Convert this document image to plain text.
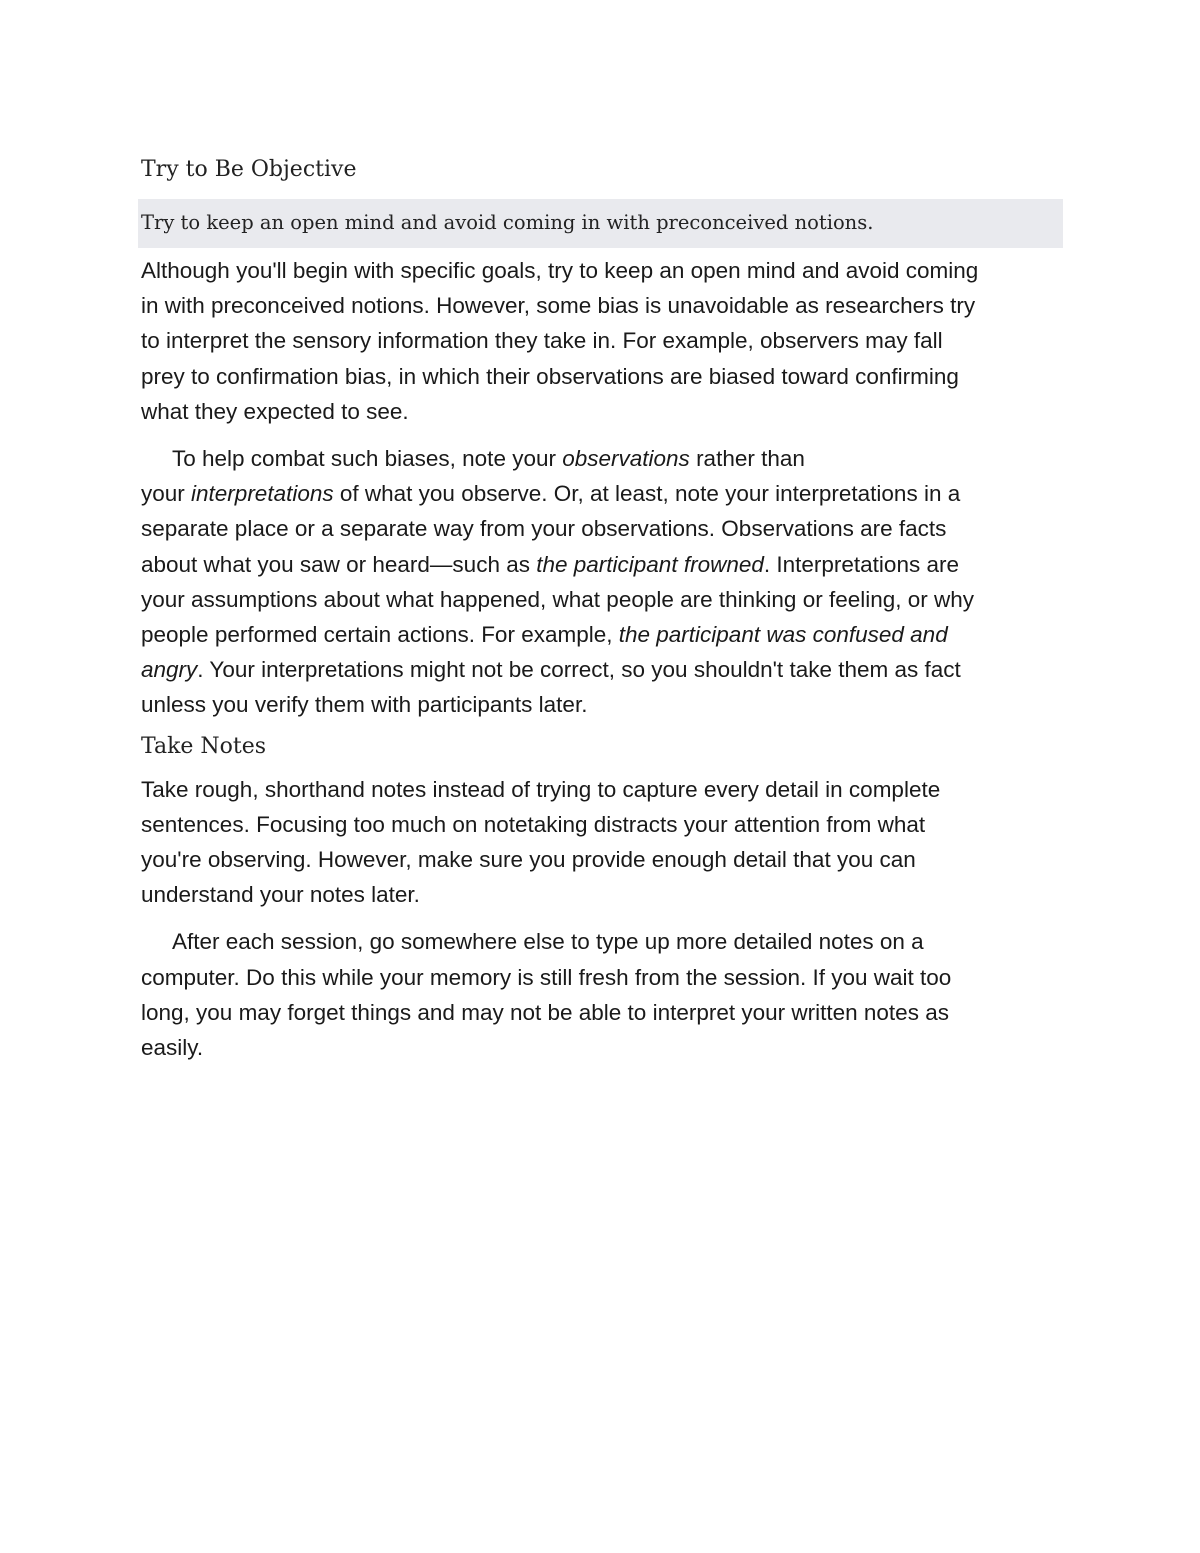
Try to Be Objective
Try to keep an open mind and avoid coming in with preconceived notions.

Although you'll begin with specific goals, try to keep an open mind and avoid coming
in with preconceived notions. However, some bias is unavoidable as researchers try
to interpret the sensory information they take in. For example, observers may fall
prey to confirmation bias, in which their observations are biased toward confirming
what they expected to see.

To help combat such biases, note your observations rather than
your interpretations of what you observe. Or, at least, note your interpretations in a
separate place or a separate way from your observations. Observations are facts
about what you saw or heard—such as the participant frowned. Interpretations are
your assumptions about what happened, what people are thinking or feeling, or why
people performed certain actions. For example, the participant was confused and
angry. Your interpretations might not be correct, so you shouldn't take them as fact
unless you verify them with participants later.

Take Notes

Take rough, shorthand notes instead of trying to capture every detail in complete
sentences. Focusing too much on notetaking distracts your attention from what
you're observing. However, make sure you provide enough detail that you can
understand your notes later.

After each session, go somewhere else to type up more detailed notes on a
computer. Do this while your memory is still fresh from the session. If you wait too
long, you may forget things and may not be able to interpret your written notes as
easily.
